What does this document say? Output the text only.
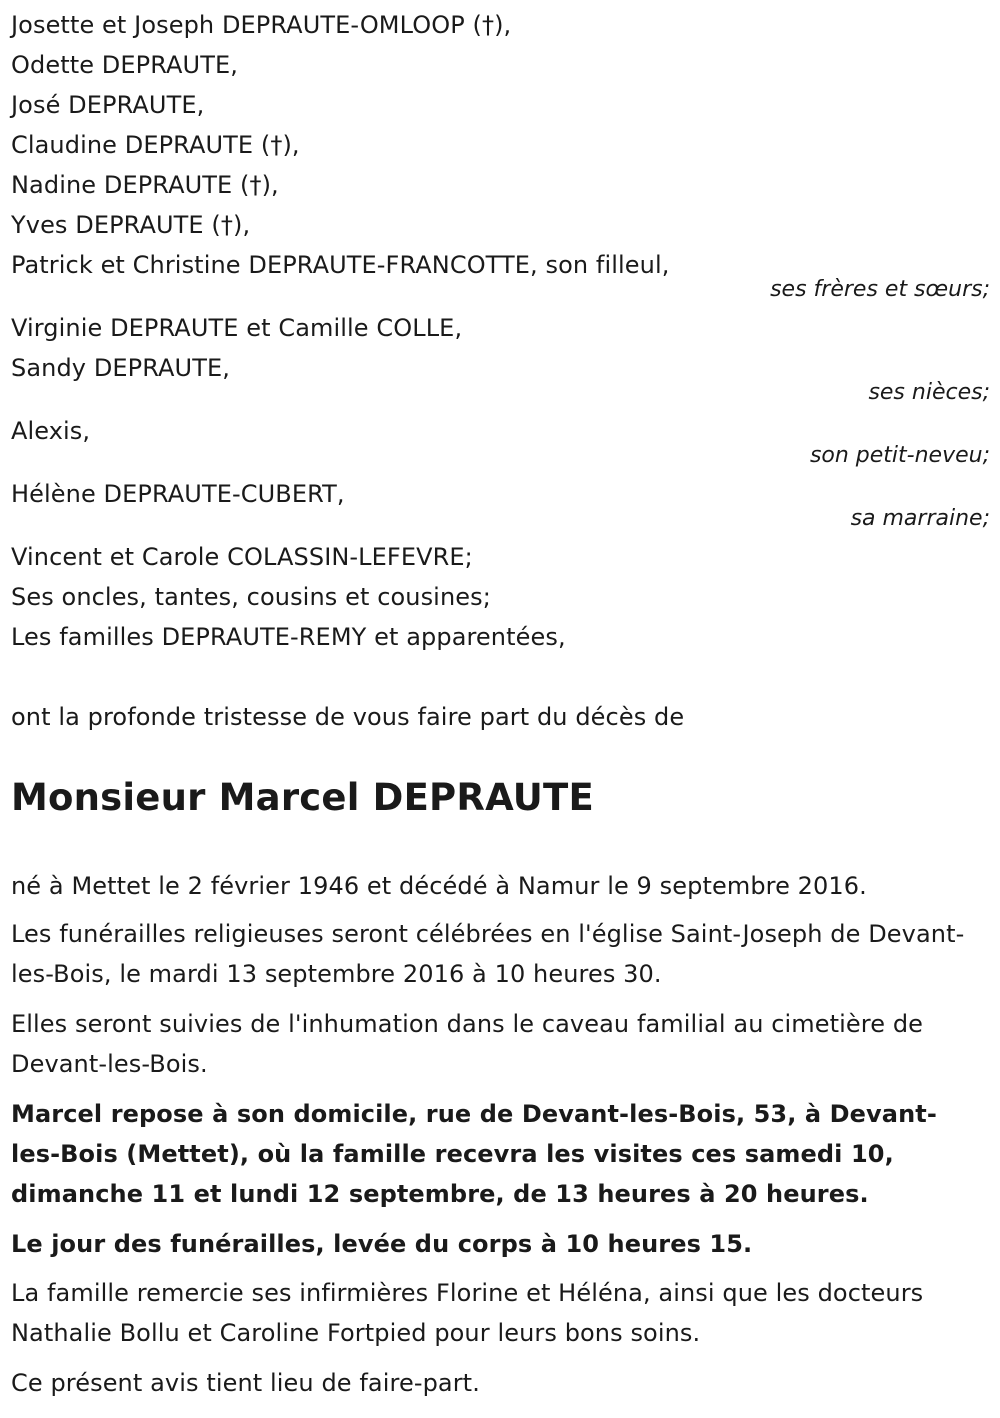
Josette et Joseph DEPRAUTE-OMLOOP (†),
Odette DEPRAUTE,
José DEPRAUTE,
Claudine DEPRAUTE (†),
Nadine DEPRAUTE (†),
Yves DEPRAUTE (†),
Patrick et Christine DEPRAUTE-FRANCOTTE, son filleul,
ses frères et sœurs;
Virginie DEPRAUTE et Camille COLLE,
Sandy DEPRAUTE,
ses nièces;
Alexis,
son petit-neveu;
Hélène DEPRAUTE-CUBERT,
sa marraine;
Vincent et Carole COLASSIN-LEFEVRE;
Ses oncles, tantes, cousins et cousines;
Les familles DEPRAUTE-REMY et apparentées,
ont la profonde tristesse de vous faire part du décès de
Monsieur Marcel DEPRAUTE
né à Mettet le 2 février 1946 et décédé à Namur le 9 septembre 2016.
Les funérailles religieuses seront célébrées en l'église Saint-Joseph de Devant-les-Bois, le mardi 13 septembre 2016 à 10 heures 30.
Elles seront suivies de l'inhumation dans le caveau familial au cimetière de Devant-les-Bois.
Marcel repose à son domicile, rue de Devant-les-Bois, 53, à Devant-les-Bois (Mettet), où la famille recevra les visites ces samedi 10, dimanche 11 et lundi 12 septembre, de 13 heures à 20 heures.
Le jour des funérailles, levée du corps à 10 heures 15.
La famille remercie ses infirmières Florine et Héléna, ainsi que les docteurs Nathalie Bollu et Caroline Fortpied pour leurs bons soins.
Ce présent avis tient lieu de faire-part.
